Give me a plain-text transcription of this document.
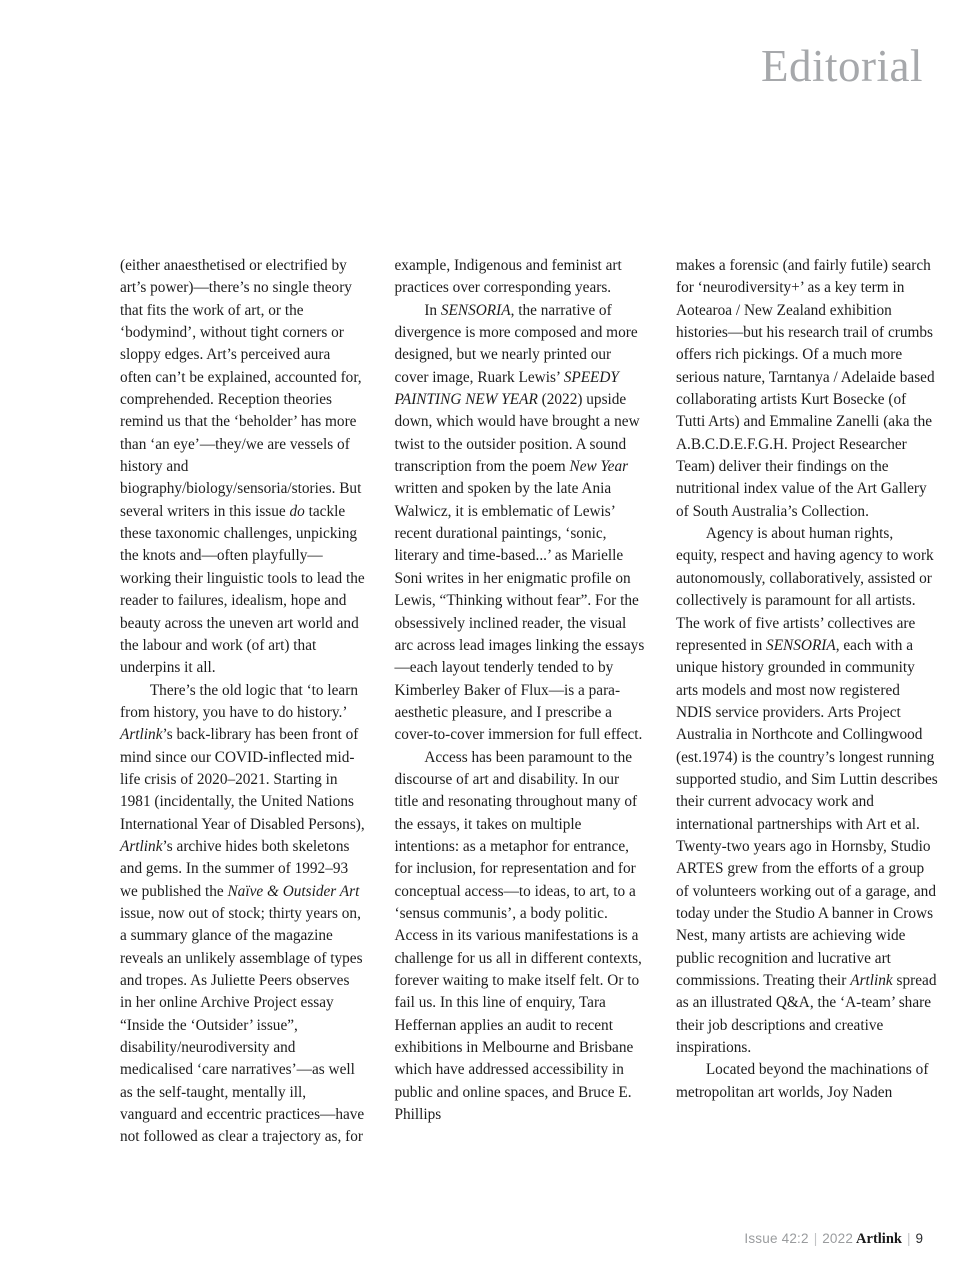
Editorial

(either anaesthetised or electrified by art’s power)—there’s no single theory that fits the work of art, or the ‘bodymind’, without tight corners or sloppy edges. Art’s perceived aura often can’t be explained, accounted for, comprehended. Reception theories remind us that the ‘beholder’ has more than ‘an eye’—they/we are vessels of history and biography/biology/sensoria/stories. But several writers in this issue do tackle these taxonomic challenges, unpicking the knots and—often playfully—working their linguistic tools to lead the reader to failures, idealism, hope and beauty across the uneven art world and the labour and work (of art) that underpins it all.

There’s the old logic that ‘to learn from history, you have to do history.’ Artlink’s back-library has been front of mind since our COVID-inflected mid-life crisis of 2020–2021. Starting in 1981 (incidentally, the United Nations International Year of Disabled Persons), Artlink’s archive hides both skeletons and gems. In the summer of 1992–93 we published the Naïve & Outsider Art issue, now out of stock; thirty years on, a summary glance of the magazine reveals an unlikely assemblage of types and tropes. As Juliette Peers observes in her online Archive Project essay “Inside the ‘Outsider’ issue”, disability/neurodiversity and medicalised ‘care narratives’—as well as the self-taught, mentally ill, vanguard and eccentric practices—have not followed as clear a trajectory as, for

example, Indigenous and feminist art practices over corresponding years.

In SENSORIA, the narrative of divergence is more composed and more designed, but we nearly printed our cover image, Ruark Lewis’ SPEEDY PAINTING NEW YEAR (2022) upside down, which would have brought a new twist to the outsider position. A sound transcription from the poem New Year written and spoken by the late Ania Walwicz, it is emblematic of Lewis’ recent durational paintings, ‘sonic, literary and time-based...’ as Marielle Soni writes in her enigmatic profile on Lewis, “Thinking without fear”. For the obsessively inclined reader, the visual arc across lead images linking the essays—each layout tenderly tended to by Kimberley Baker of Flux—is a para-aesthetic pleasure, and I prescribe a cover-to-cover immersion for full effect.

Access has been paramount to the discourse of art and disability. In our title and resonating throughout many of the essays, it takes on multiple intentions: as a metaphor for entrance, for inclusion, for representation and for conceptual access—to ideas, to art, to a ‘sensus communis’, a body politic. Access in its various manifestations is a challenge for us all in different contexts, forever waiting to make itself felt. Or to fail us. In this line of enquiry, Tara Heffernan applies an audit to recent exhibitions in Melbourne and Brisbane which have addressed accessibility in public and online spaces, and Bruce E. Phillips

makes a forensic (and fairly futile) search for ‘neurodiversity+’ as a key term in Aotearoa / New Zealand exhibition histories—but his research trail of crumbs offers rich pickings. Of a much more serious nature, Tarntanya / Adelaide based collaborating artists Kurt Bosecke (of Tutti Arts) and Emmaline Zanelli (aka the A.B.C.D.E.F.G.H. Project Researcher Team) deliver their findings on the nutritional index value of the Art Gallery of South Australia’s Collection.

Agency is about human rights, equity, respect and having agency to work autonomously, collaboratively, assisted or collectively is paramount for all artists. The work of five artists’ collectives are represented in SENSORIA, each with a unique history grounded in community arts models and most now registered NDIS service providers. Arts Project Australia in Northcote and Collingwood (est.1974) is the country’s longest running supported studio, and Sim Luttin describes their current advocacy work and international partnerships with Art et al. Twenty-two years ago in Hornsby, Studio ARTES grew from the efforts of a group of volunteers working out of a garage, and today under the Studio A banner in Crows Nest, many artists are achieving wide public recognition and lucrative art commissions. Treating their Artlink spread as an illustrated Q&A, the ‘A-team’ share their job descriptions and creative inspirations.

Located beyond the machinations of metropolitan art worlds, Joy Naden

Issue 42:2 | 2022 Artlink | 9
